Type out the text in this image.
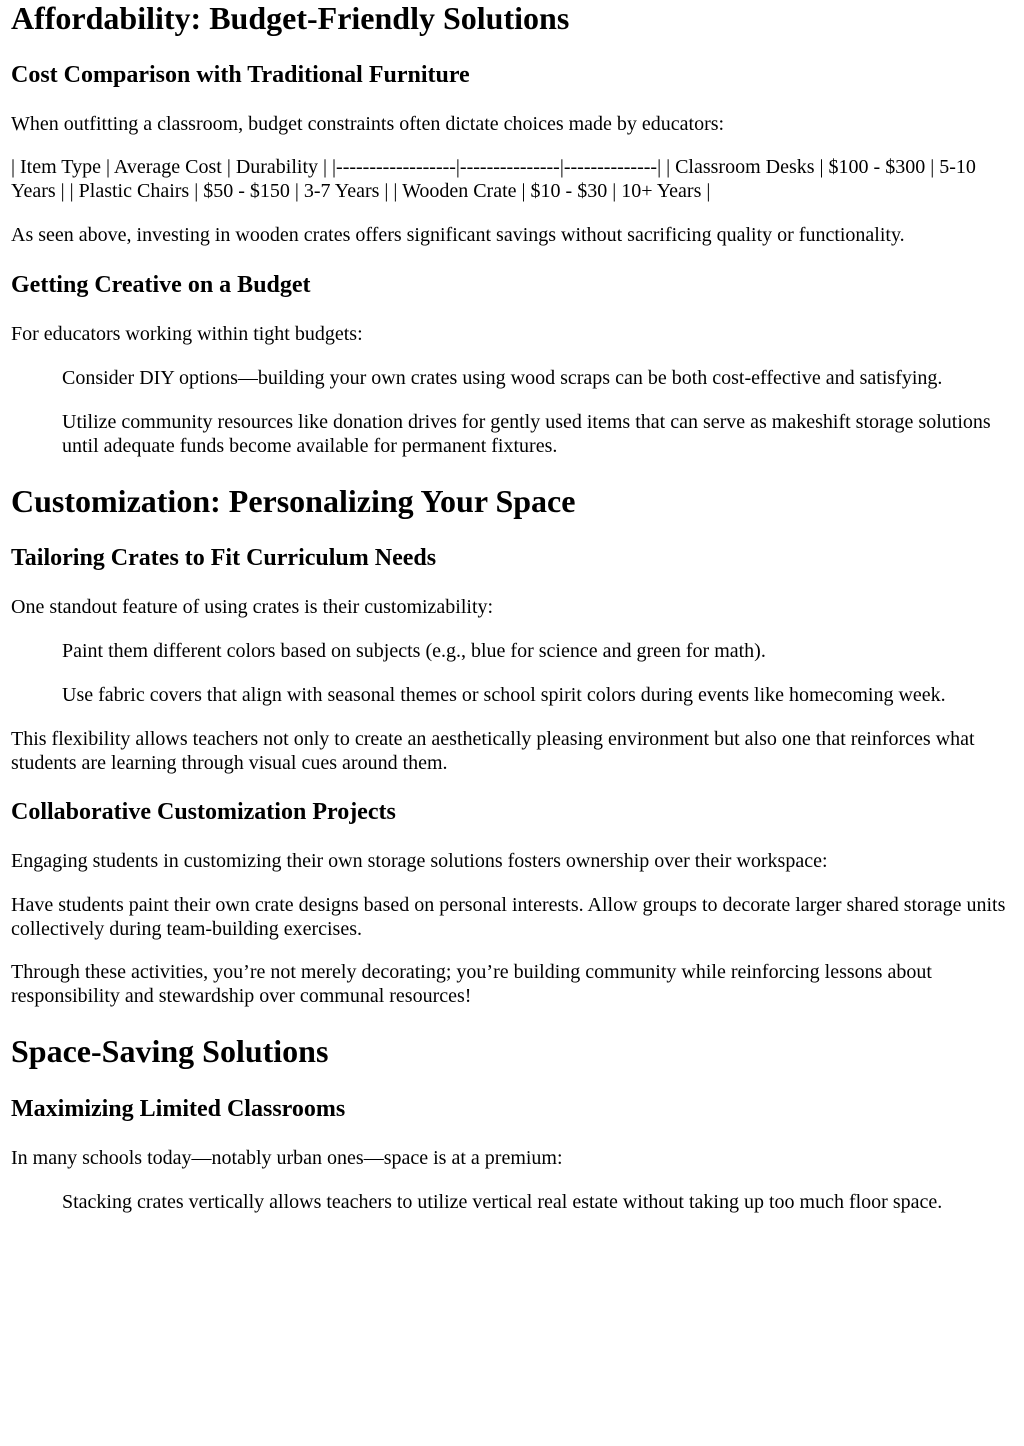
Affordability: Budget-Friendly Solutions
Cost Comparison with Traditional Furniture

When outfitting a classroom, budget constraints often dictate choices made by educators:

| Item Type | Average Cost | Durability | |------------------|---------------|--------------| | Classroom Desks | $100 - $300 | 5-10 Years | | Plastic Chairs | $50 - $150 | 3-7 Years | | Wooden Crate | $10 - $30 | 10+ Years |

As seen above, investing in wooden crates offers significant savings without sacrificing quality or functionality.

Getting Creative on a Budget

For educators working within tight budgets:

Consider DIY options—building your own crates using wood scraps can be both cost-effective and satisfying.

Utilize community resources like donation drives for gently used items that can serve as makeshift storage solutions until adequate funds become available for permanent fixtures.

Customization: Personalizing Your Space
Tailoring Crates to Fit Curriculum Needs

One standout feature of using crates is their customizability:

Paint them different colors based on subjects (e.g., blue for science and green for math).

Use fabric covers that align with seasonal themes or school spirit colors during events like homecoming week.

This flexibility allows teachers not only to create an aesthetically pleasing environment but also one that reinforces what students are learning through visual cues around them.

Collaborative Customization Projects

Engaging students in customizing their own storage solutions fosters ownership over their workspace:

Have students paint their own crate designs based on personal interests. Allow groups to decorate larger shared storage units collectively during team-building exercises.

Through these activities, you’re not merely decorating; you’re building community while reinforcing lessons about responsibility and stewardship over communal resources!

Space-Saving Solutions
Maximizing Limited Classrooms

In many schools today—notably urban ones—space is at a premium:

Stacking crates vertically allows teachers to utilize vertical real estate without taking up too much floor space.
